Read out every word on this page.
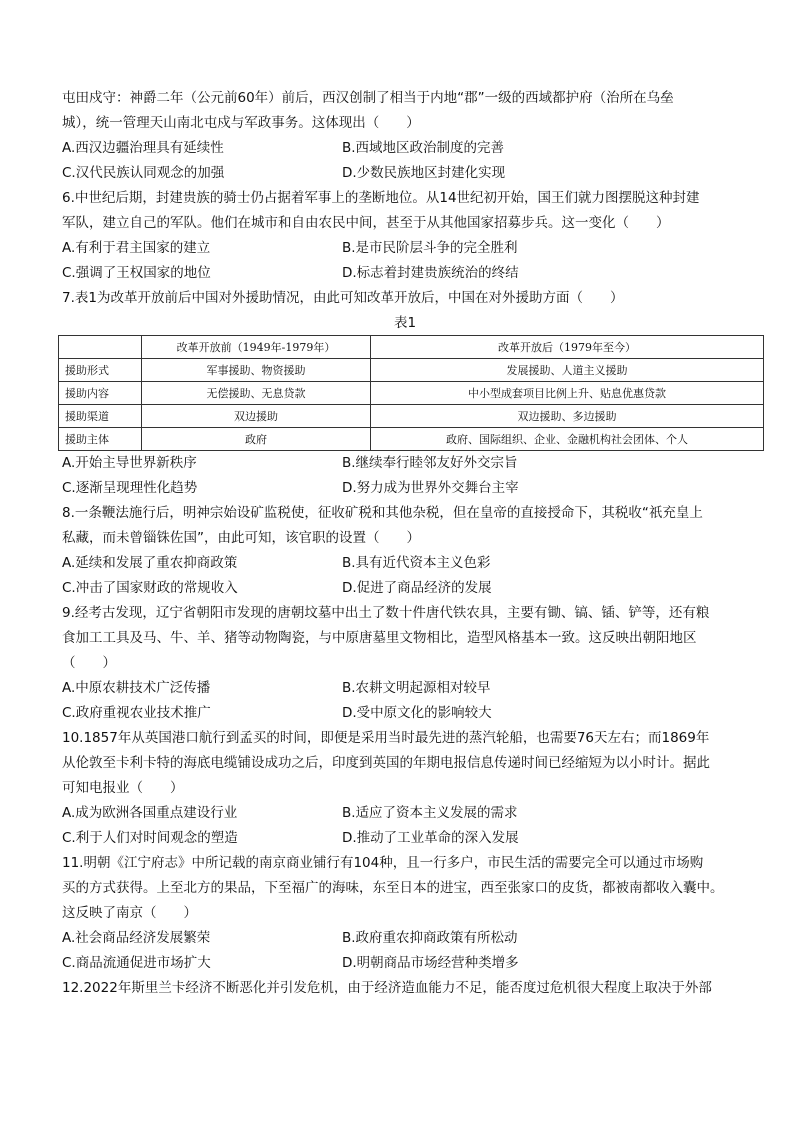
屯田戍守：神爵二年（公元前60年）前后，西汉创制了相当于内地“郡”一级的西域都护府（治所在乌垒

城），统一管理天山南北屯戍与军政事务。这体现出（　　）

A.西汉边疆治理具有延续性	B.西域地区政治制度的完善
C.汉代民族认同观念的加强	D.少数民族地区封建化实现

6.中世纪后期，封建贵族的骑士仍占据着军事上的垄断地位。从14世纪初开始，国王们就力图摆脱这种封建

军队，建立自己的军队。他们在城市和自由农民中间，甚至于从其他国家招募步兵。这一变化（　　）

A.有利于君主国家的建立	B.是市民阶层斗争的完全胜利
C.强调了王权国家的地位	D.标志着封建贵族统治的终结

7.表1为改革开放前后中国对外援助情况，由此可知改革开放后，中国在对外援助方面（　　）

表1
	改革开放前（1949年-1979年）	改革开放后（1979年至今）
援助形式	军事援助、物资援助	发展援助、人道主义援助
援助内容	无偿援助、无息贷款	中小型成套项目比例上升、贴息优惠贷款
援助渠道	双边援助	双边援助、多边援助
援助主体	政府	政府、国际组织、企业、金融机构社会团体、个人
A.开始主导世界新秩序	B.继续奉行睦邻友好外交宗旨
C.逐渐呈现理性化趋势	D.努力成为世界外交舞台主宰

8.一条鞭法施行后，明神宗始设矿监税使，征收矿税和其他杂税，但在皇帝的直接授命下，其税收“祇充皇上

私藏，而未曾锱铢佐国”，由此可知，该官职的设置（　　）

A.延续和发展了重农抑商政策	B.具有近代资本主义色彩
C.冲击了国家财政的常规收入	D.促进了商品经济的发展

9.经考古发现，辽宁省朝阳市发现的唐朝坟墓中出土了数十件唐代铁农具，主要有锄、镐、锸、铲等，还有粮

食加工工具及马、牛、羊、猪等动物陶瓷，与中原唐墓里文物相比，造型风格基本一致。这反映出朝阳地区

（　　）

A.中原农耕技术广泛传播	B.农耕文明起源相对较早
C.政府重视农业技术推广	D.受中原文化的影响较大

10.1857年从英国港口航行到孟买的时间，即便是采用当时最先进的蒸汽轮船，也需要76天左右；而1869年

从伦敦至卡利卡特的海底电缆铺设成功之后，印度到英国的年期电报信息传递时间已经缩短为以小时计。据此

可知电报业（　　）

A.成为欧洲各国重点建设行业	B.适应了资本主义发展的需求
C.利于人们对时间观念的塑造	D.推动了工业革命的深入发展

11.明朝《江宁府志》中所记载的南京商业铺行有104种，且一行多户，市民生活的需要完全可以通过市场购

买的方式获得。上至北方的果品，下至福广的海味，东至日本的进宝，西至张家口的皮货，都被南都收入囊中。

这反映了南京（　　）

A.社会商品经济发展繁荣	B.政府重农抑商政策有所松动
C.商品流通促进市场扩大	D.明朝商品市场经营种类增多

12.2022年斯里兰卡经济不断恶化并引发危机，由于经济造血能力不足，能否度过危机很大程度上取决于外部
